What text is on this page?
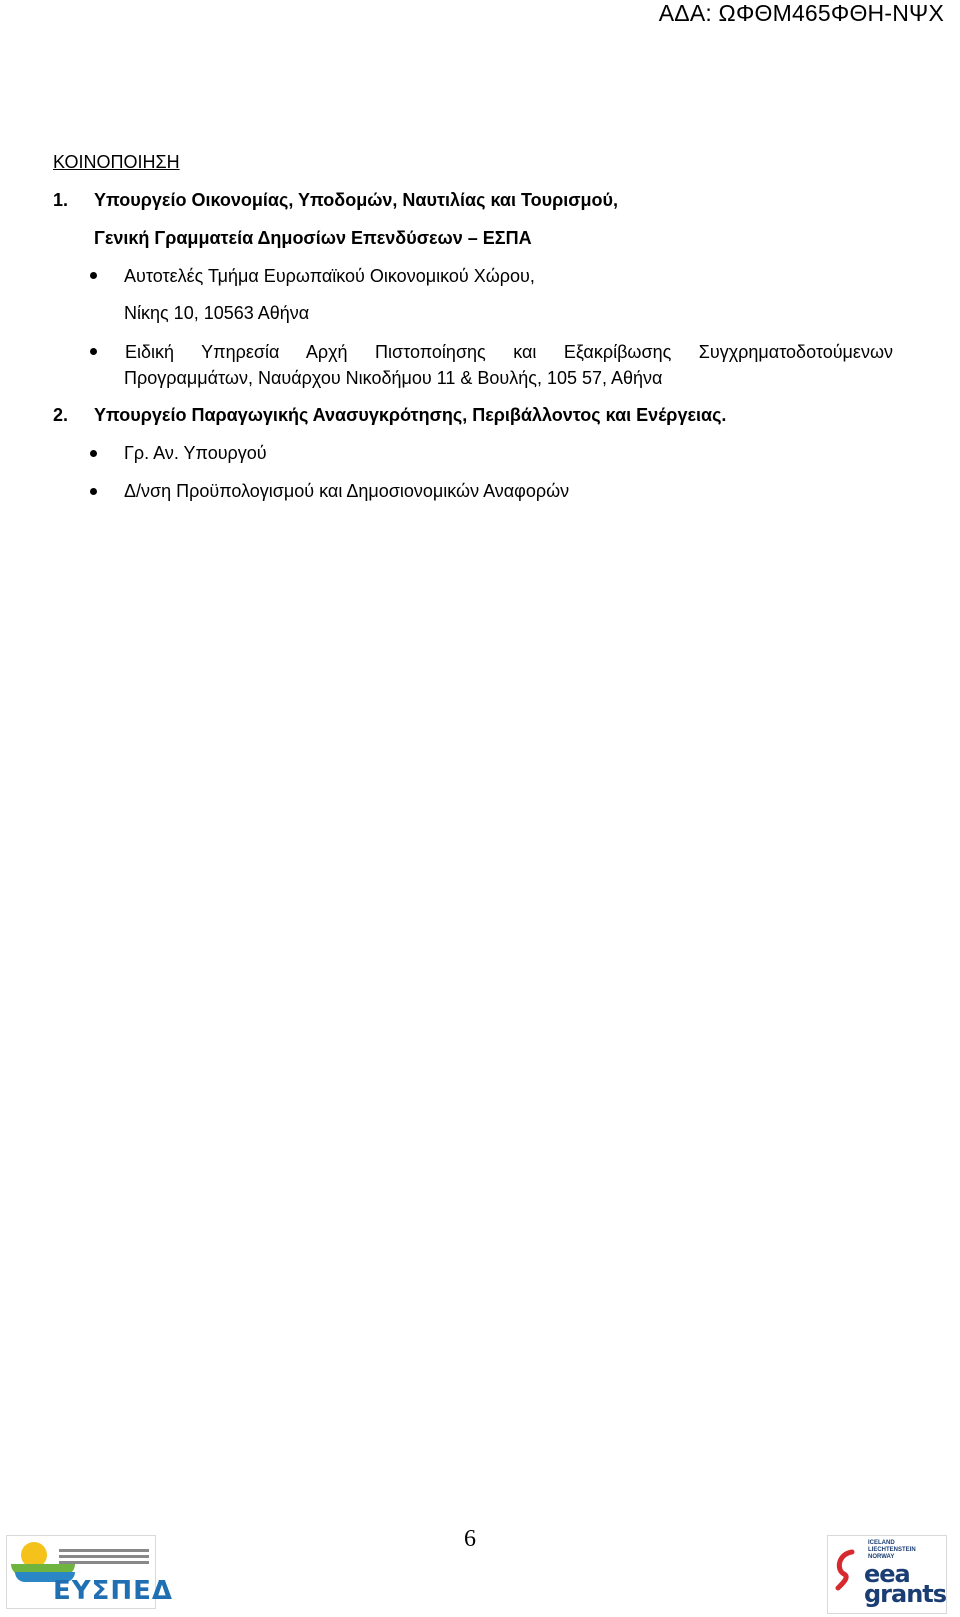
ΑΔΑ: ΩΦΘΜ465ΦΘΗ-ΝΨΧ
ΚΟΙΝΟΠΟΙΗΣΗ
1. Υπουργείο Οικονομίας, Υποδομών, Ναυτιλίας και Τουρισμού,
Γενική Γραμματεία Δημοσίων Επενδύσεων – ΕΣΠΑ
Αυτοτελές Τμήμα Ευρωπαϊκού Οικονομικού Χώρου,
Νίκης 10, 10563 Αθήνα
Ειδική Υπηρεσία Αρχή Πιστοποίησης και Εξακρίβωσης Συγχρηματοδοτούμενων
Προγραμμάτων, Ναυάρχου Νικοδήμου 11 & Βουλής, 105 57, Αθήνα
2. Υπουργείο Παραγωγικής Ανασυγκρότησης, Περιβάλλοντος και Ενέργειας.
Γρ. Αν. Υπουργού
Δ/νση Προϋπολογισμού και Δημοσιονομικών Αναφορών
6
ΕΥΣΠΕΔ
ICELAND
LIECHTENSTEIN
NORWAY
eea
grants
